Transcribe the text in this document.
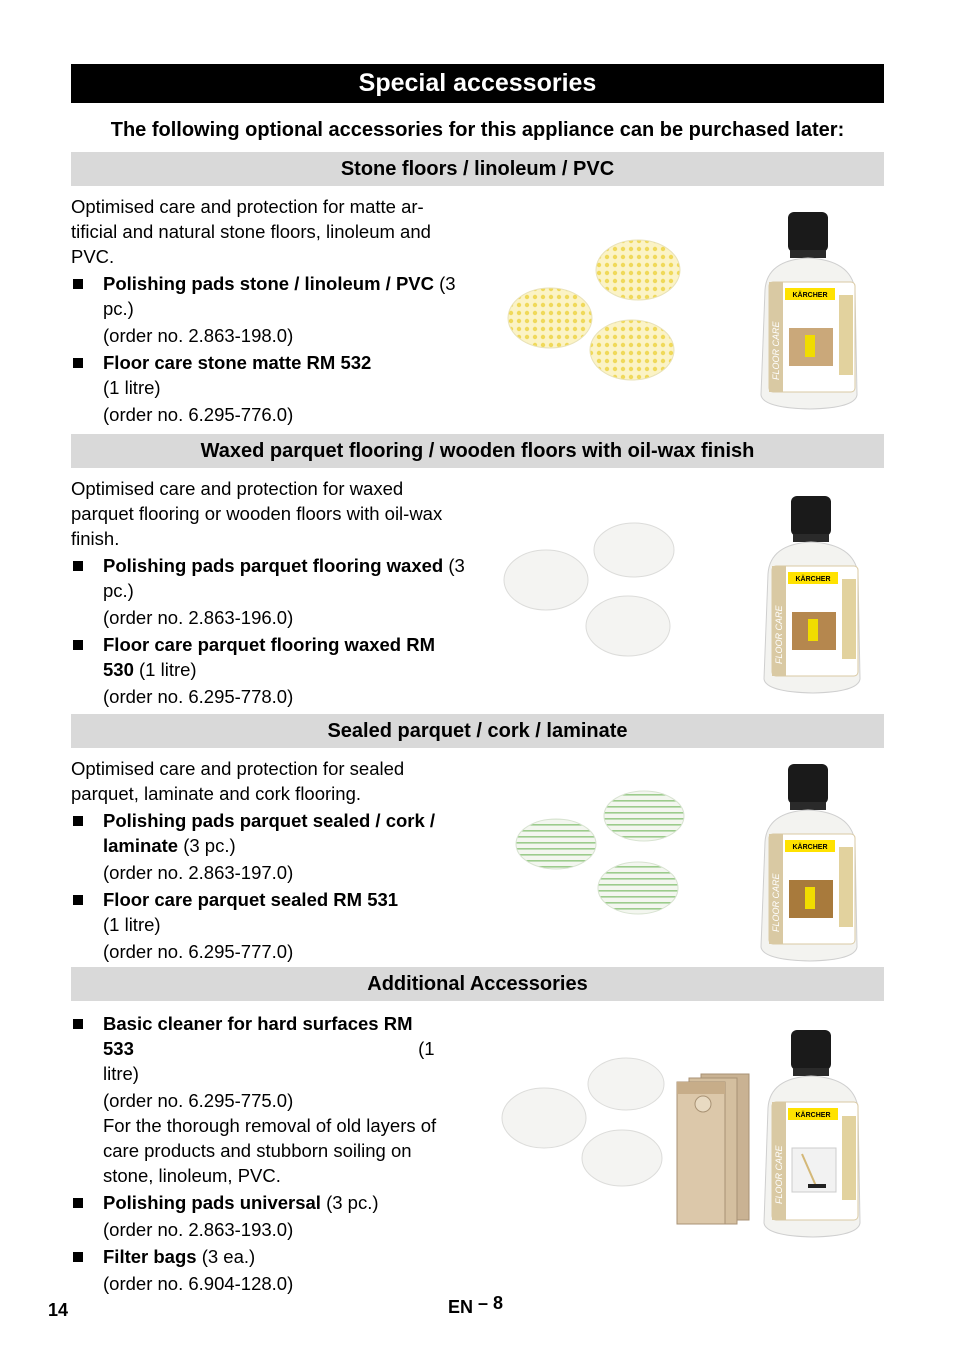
Special accessories
The following optional accessories for this appliance can be purchased later:
Stone floors / linoleum / PVC

Optimised care and protection for matte ar-tificial and natural stone floors, linoleum and PVC.

Polishing pads stone / linoleum / PVC (3 pc.)
(order no. 2.863-198.0)
Floor care stone matte RM 532
(1 litre)
(order no. 6.295-776.0)
KÄRCHER
FLOOR CARE
Waxed parquet flooring / wooden floors with oil-wax finish

Optimised care and protection for waxed parquet flooring or wooden floors with oil-wax finish.

Polishing pads parquet flooring waxed (3 pc.)
(order no. 2.863-196.0)
Floor care parquet flooring waxed RM 530 (1 litre)
(order no. 6.295-778.0)
KÄRCHER
FLOOR CARE
Sealed parquet / cork / laminate

Optimised care and protection for sealed parquet, laminate and cork flooring.

Polishing pads parquet sealed / cork / laminate (3 pc.)
(order no. 2.863-197.0)
Floor care parquet sealed RM 531
(1 litre)
(order no. 6.295-777.0)
KÄRCHER
FLOOR CARE
Additional Accessories
Basic cleaner for hard surfaces RM 533	(1 litre)
(order no. 6.295-775.0)
For the thorough removal of old layers of care products and stubborn soiling on stone, linoleum, PVC.
Polishing pads universal (3 pc.)
(order no. 2.863-193.0)
Filter bags (3 ea.)
(order no. 6.904-128.0)
KÄRCHER
FLOOR CARE
14	EN – 8
